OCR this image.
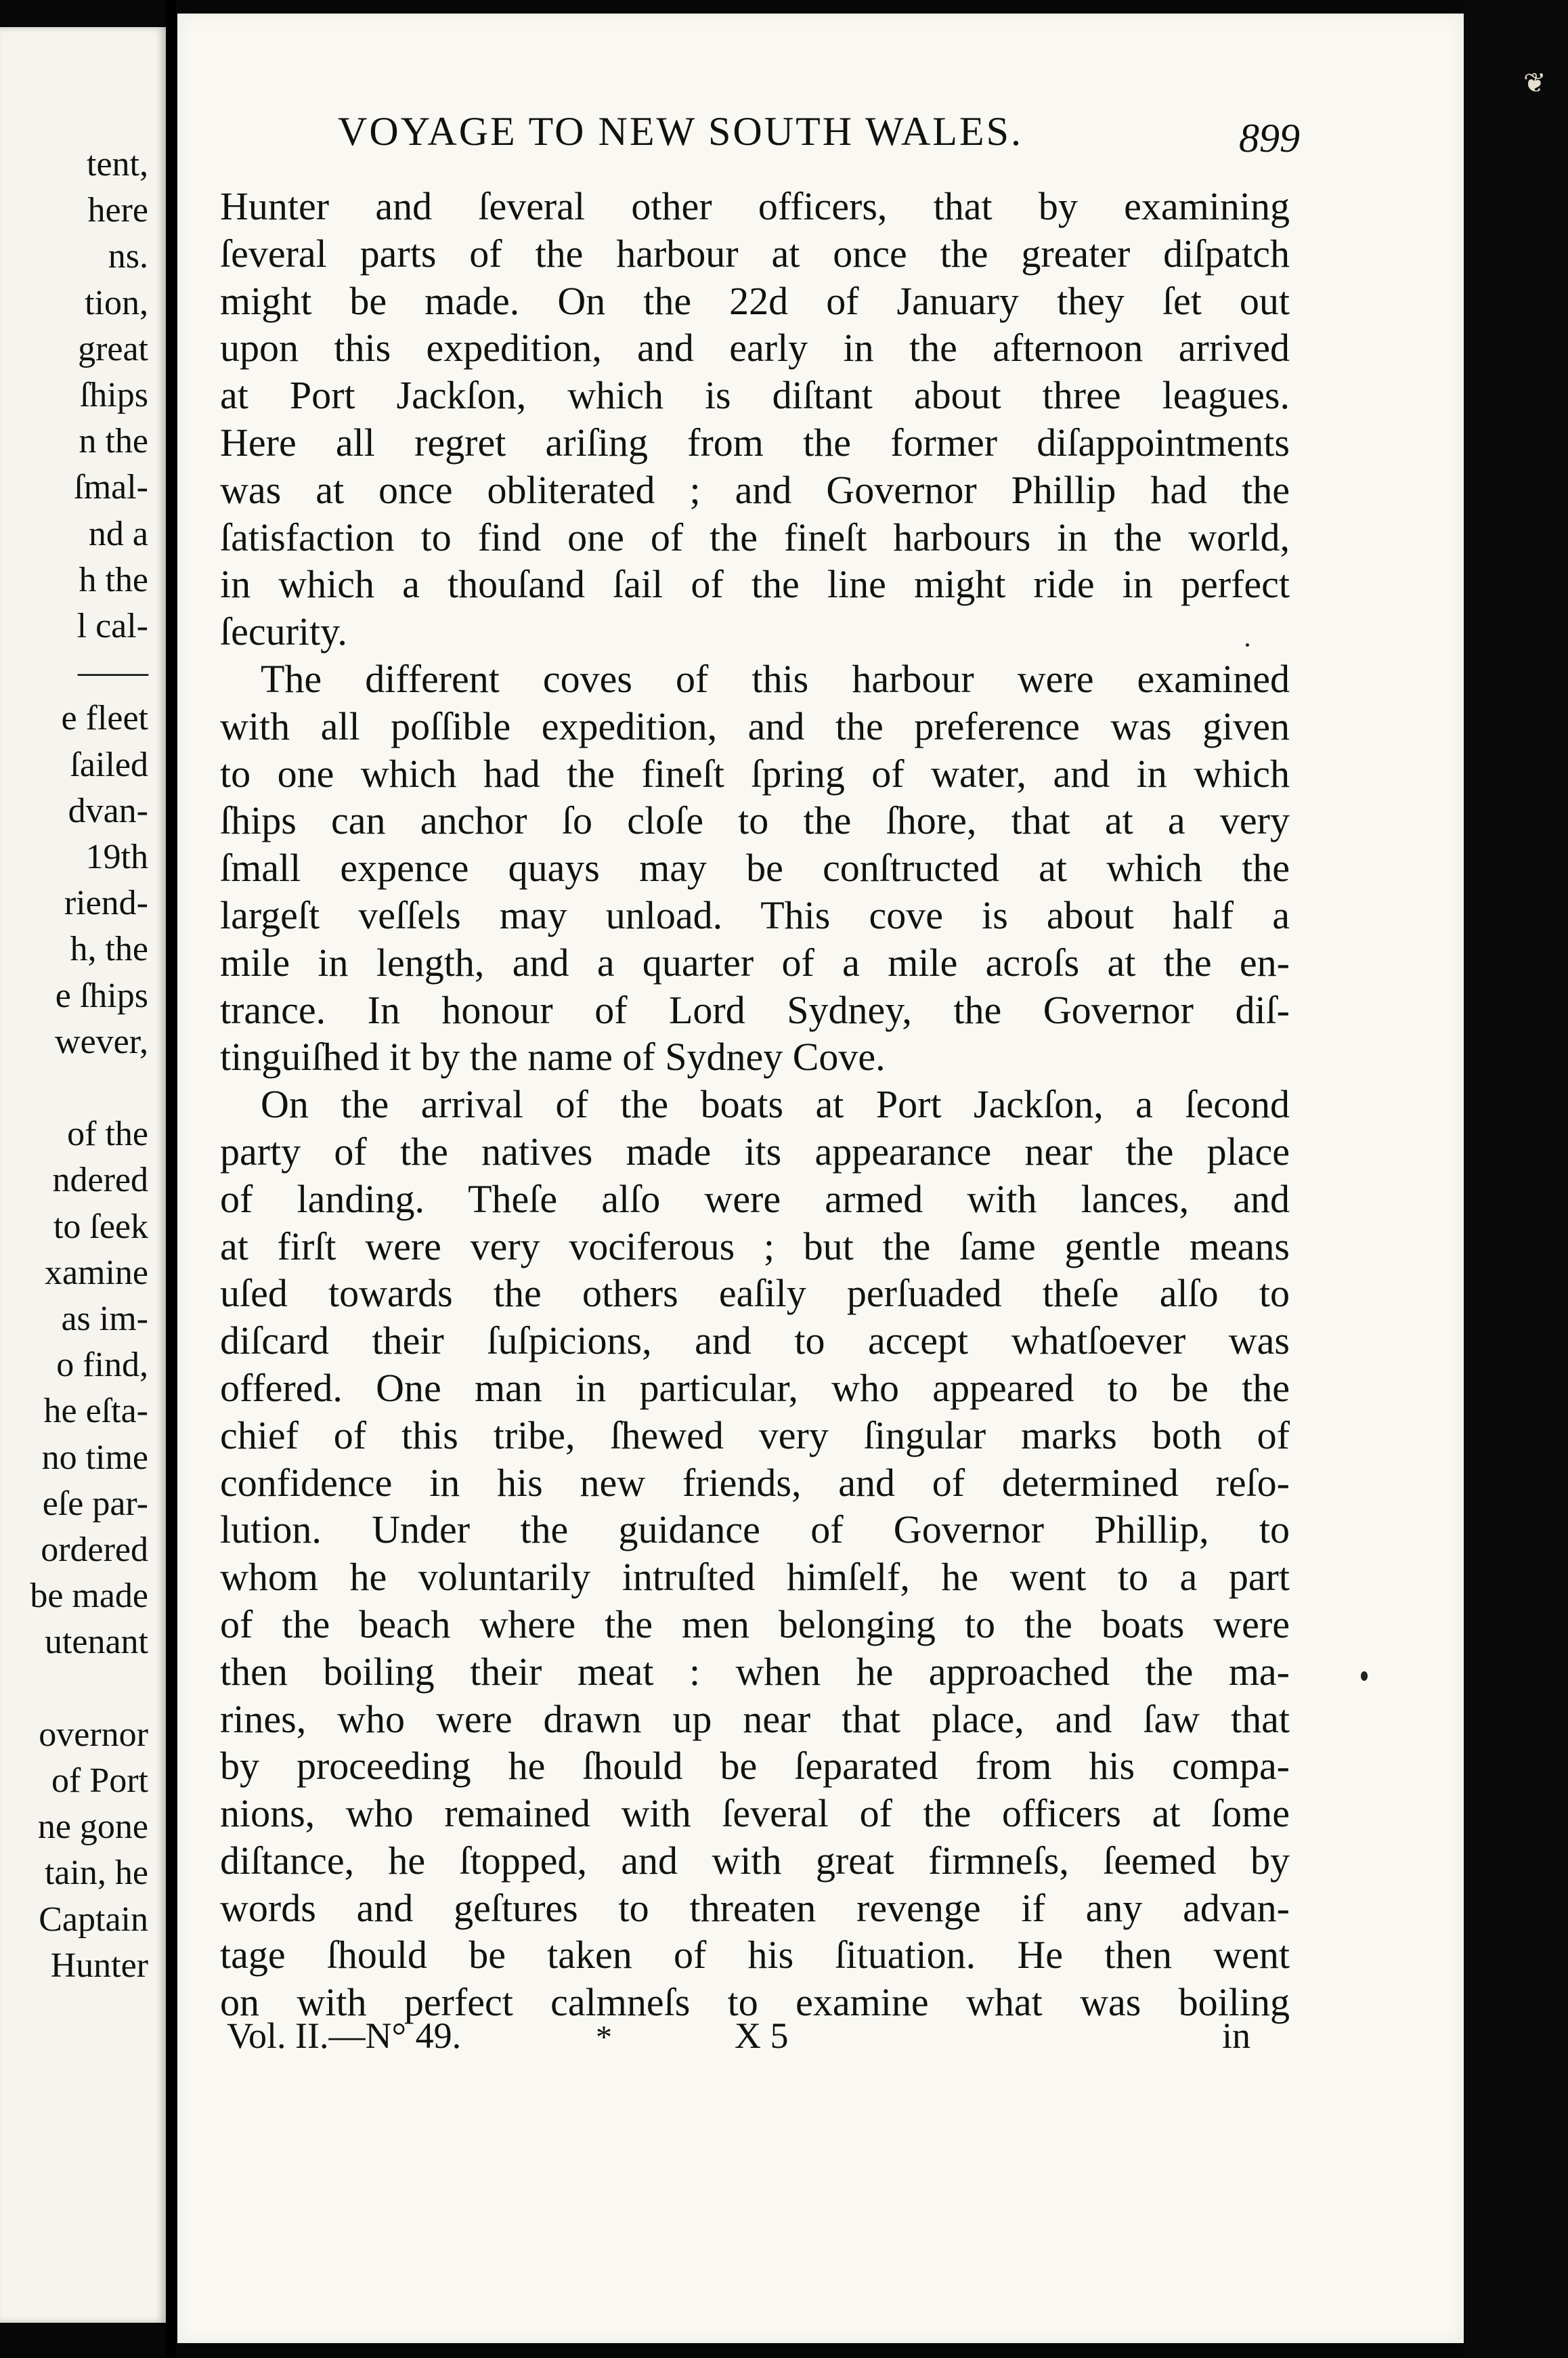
tent,
here
ns.
tion,
great
ſhips
n the
ſmal-
nd a
h the
l cal-
——
e fleet
ſailed
dvan-
19th
riend-
h, the
e ſhips
wever,
of the
ndered
to ſeek
xamine
as im-
o find,
he eſta-
no time
eſe par-
ordered
be made
utenant
overnor
of Port
ne gone
tain, he
Captain
Hunter
❦
VOYAGE TO NEW SOUTH WALES.	899
Hunter and ſeveral other officers, that by examining
ſeveral parts of the harbour at once the greater diſpatch
might be made. On the 22d of January they ſet out
upon this expedition, and early in the afternoon arrived
at Port Jackſon, which is diſtant about three leagues.
Here all regret ariſing from the former diſappointments
was at once obliterated ; and Governor Phillip had the
ſatisfaction to find one of the fineſt harbours in the world,
in which a thouſand ſail of the line might ride in perfect
ſecurity.
The different coves of this harbour were examined
with all poſſible expedition, and the preference was given
to one which had the fineſt ſpring of water, and in which
ſhips can anchor ſo cloſe to the ſhore, that at a very
ſmall expence quays may be conſtructed at which the
largeſt veſſels may unload. This cove is about half a
mile in length, and a quarter of a mile acroſs at the en-
trance. In honour of Lord Sydney, the Governor diſ-
tinguiſhed it by the name of Sydney Cove.
On the arrival of the boats at Port Jackſon, a ſecond
party of the natives made its appearance near the place
of landing. Theſe alſo were armed with lances, and
at firſt were very vociferous ; but the ſame gentle means
uſed towards the others eaſily perſuaded theſe alſo to
diſcard their ſuſpicions, and to accept whatſoever was
offered. One man in particular, who appeared to be the
chief of this tribe, ſhewed very ſingular marks both of
confidence in his new friends, and of determined reſo-
lution. Under the guidance of Governor Phillip, to
whom he voluntarily intruſted himſelf, he went to a part
of the beach where the men belonging to the boats were
then boiling their meat : when he approached the ma-
rines, who were drawn up near that place, and ſaw that
by proceeding he ſhould be ſeparated from his compa-
nions, who remained with ſeveral of the officers at ſome
diſtance, he ſtopped, and with great firmneſs, ſeemed by
words and geſtures to threaten revenge if any advan-
tage ſhould be taken of his ſituation. He then went
on with perfect calmneſs to examine what was boiling
Vol. II.—N° 49.	*	X 5	in
